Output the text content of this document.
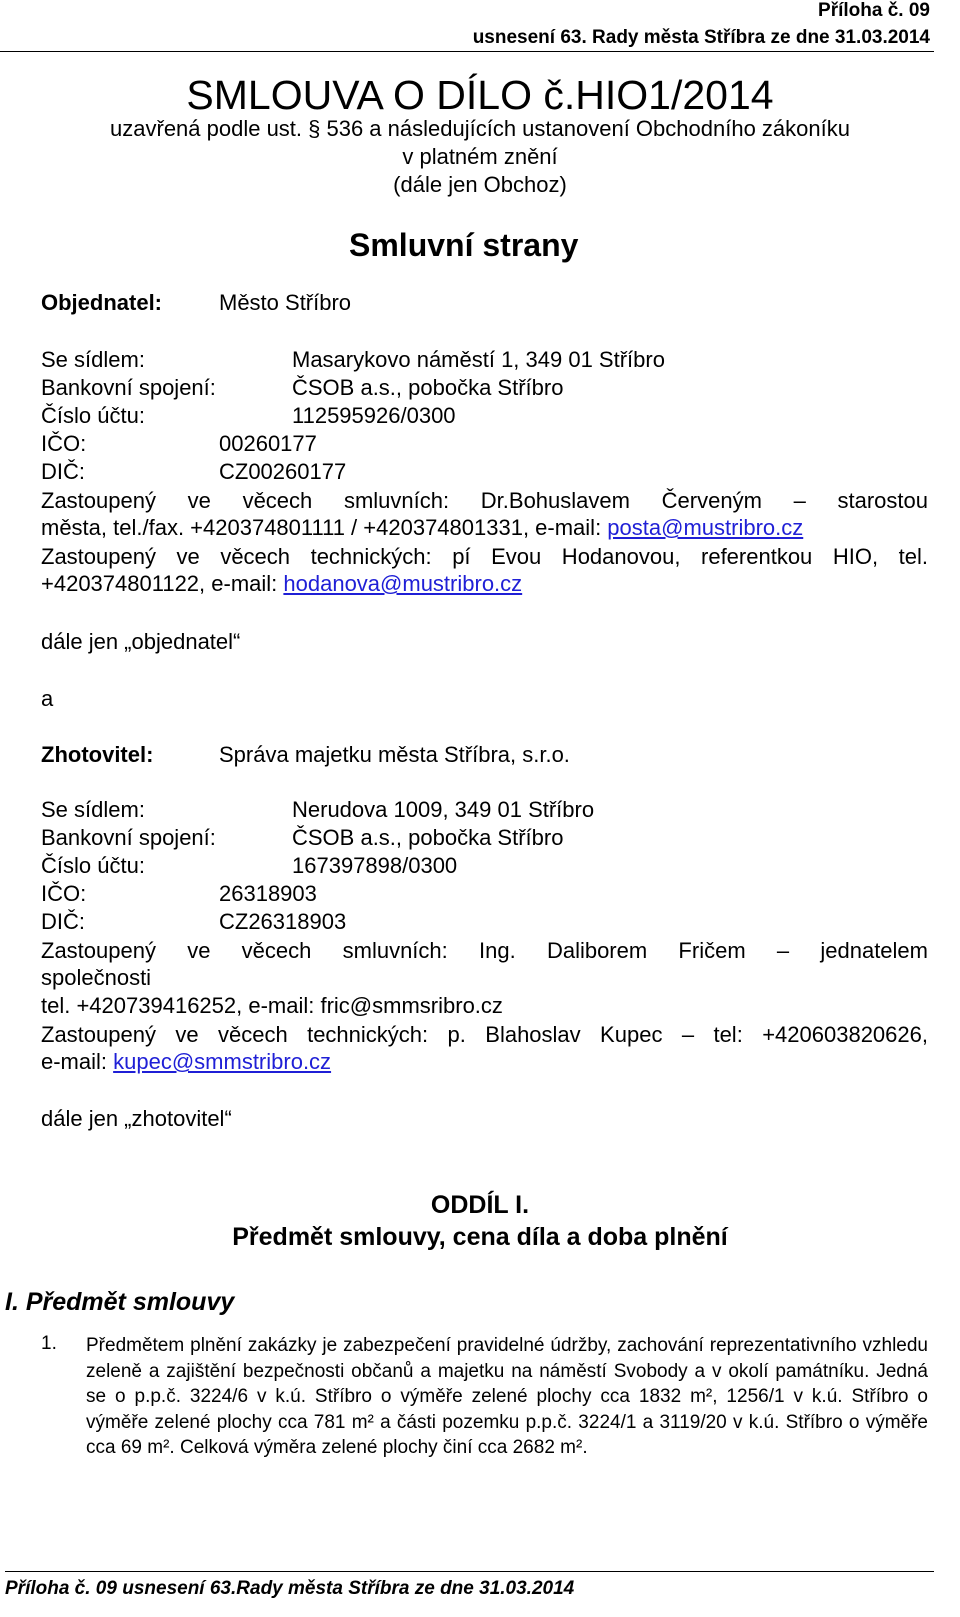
Příloha č. 09
usnesení 63. Rady města Stříbra ze dne 31.03.2014
SMLOUVA O DÍLO č.HIO1/2014
uzavřená podle ust. § 536 a následujících ustanovení Obchodního zákoníku
v platném znění
(dále jen Obchoz)
Smluvní strany
Objednatel:	Město Stříbro
Se sídlem:	Masarykovo náměstí 1, 349 01 Stříbro
Bankovní spojení:	ČSOB a.s., pobočka Stříbro
Číslo účtu:	112595926/0300
IČO:	00260177
DIČ:	CZ00260177
Zastoupený ve věcech smluvních: Dr.Bohuslavem Červeným – starostou
města, tel./fax. +420374801111 / +420374801331, e-mail: posta@mustribro.cz
Zastoupený ve věcech technických: pí Evou Hodanovou, referentkou HIO, tel.
+420374801122, e-mail: hodanova@mustribro.cz
dále jen „objednatel“
a
Zhotovitel:	Správa majetku města Stříbra, s.r.o.
Se sídlem:	Nerudova 1009, 349 01 Stříbro
Bankovní spojení:	ČSOB a.s., pobočka Stříbro
Číslo účtu:	167397898/0300
IČO:	26318903
DIČ:	CZ26318903
Zastoupený ve věcech smluvních: Ing. Daliborem Fričem – jednatelem
společnosti
tel. +420739416252, e-mail: fric@smmsribro.cz
Zastoupený ve věcech technických: p. Blahoslav Kupec – tel: +420603820626,
e-mail: kupec@smmstribro.cz
dále jen „zhotovitel“
ODDÍL I.
Předmět smlouvy, cena díla a doba plnění
I. Předmět smlouvy
1. Předmětem plnění zakázky je zabezpečení pravidelné údržby, zachování reprezentativního vzhledu zeleně a zajištění bezpečnosti občanů a majetku na náměstí Svobody a v okolí památníku. Jedná se o p.p.č. 3224/6 v k.ú. Stříbro o výměře zelené plochy cca 1832 m², 1256/1 v k.ú. Stříbro o výměře zelené plochy cca 781 m² a části pozemku p.p.č. 3224/1 a 3119/20 v k.ú. Stříbro o výměře cca 69 m². Celková výměra zelené plochy činí cca 2682 m².
Příloha č. 09 usnesení 63.Rady města Stříbra ze dne 31.03.2014
